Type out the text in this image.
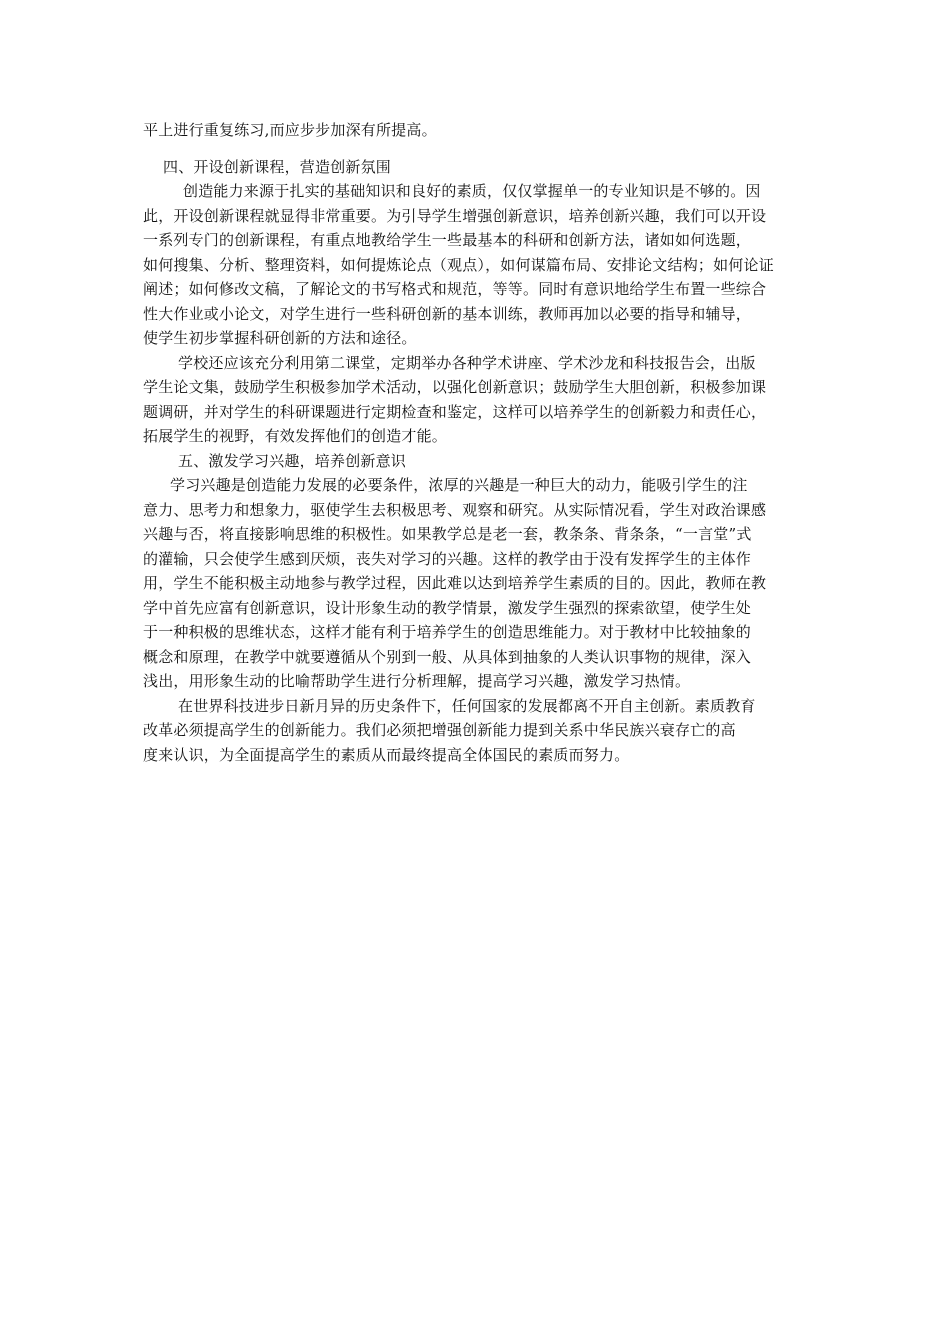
平上进行重复练习,而应步步加深有所提高。
四、开设创新课程，营造创新氛围
创造能力来源于扎实的基础知识和良好的素质，仅仅掌握单一的专业知识是不够的。因
此，开设创新课程就显得非常重要。为引导学生增强创新意识，培养创新兴趣，我们可以开设
一系列专门的创新课程，有重点地教给学生一些最基本的科研和创新方法，诸如如何选题，
如何搜集、分析、整理资料，如何提炼论点（观点），如何谋篇布局、安排论文结构；如何论证
阐述；如何修改文稿，了解论文的书写格式和规范，等等。同时有意识地给学生布置一些综合
性大作业或小论文，对学生进行一些科研创新的基本训练，教师再加以必要的指导和辅导，
使学生初步掌握科研创新的方法和途径。
学校还应该充分利用第二课堂，定期举办各种学术讲座、学术沙龙和科技报告会，出版
学生论文集，鼓励学生积极参加学术活动，以强化创新意识；鼓励学生大胆创新，积极参加课
题调研，并对学生的科研课题进行定期检查和鉴定，这样可以培养学生的创新毅力和责任心，
拓展学生的视野，有效发挥他们的创造才能。
五、激发学习兴趣，培养创新意识
学习兴趣是创造能力发展的必要条件，浓厚的兴趣是一种巨大的动力，能吸引学生的注
意力、思考力和想象力，驱使学生去积极思考、观察和研究。从实际情况看，学生对政治课感
兴趣与否，将直接影响思维的积极性。如果教学总是老一套，教条条、背条条，“一言堂”式
的灌输，只会使学生感到厌烦，丧失对学习的兴趣。这样的教学由于没有发挥学生的主体作
用，学生不能积极主动地参与教学过程，因此难以达到培养学生素质的目的。因此，教师在教
学中首先应富有创新意识，设计形象生动的教学情景，激发学生强烈的探索欲望，使学生处
于一种积极的思维状态，这样才能有利于培养学生的创造思维能力。对于教材中比较抽象的
概念和原理，在教学中就要遵循从个别到一般、从具体到抽象的人类认识事物的规律，深入
浅出，用形象生动的比喻帮助学生进行分析理解，提高学习兴趣，激发学习热情。
在世界科技进步日新月异的历史条件下，任何国家的发展都离不开自主创新。素质教育
改革必须提高学生的创新能力。我们必须把增强创新能力提到关系中华民族兴衰存亡的高
度来认识，为全面提高学生的素质从而最终提高全体国民的素质而努力。
